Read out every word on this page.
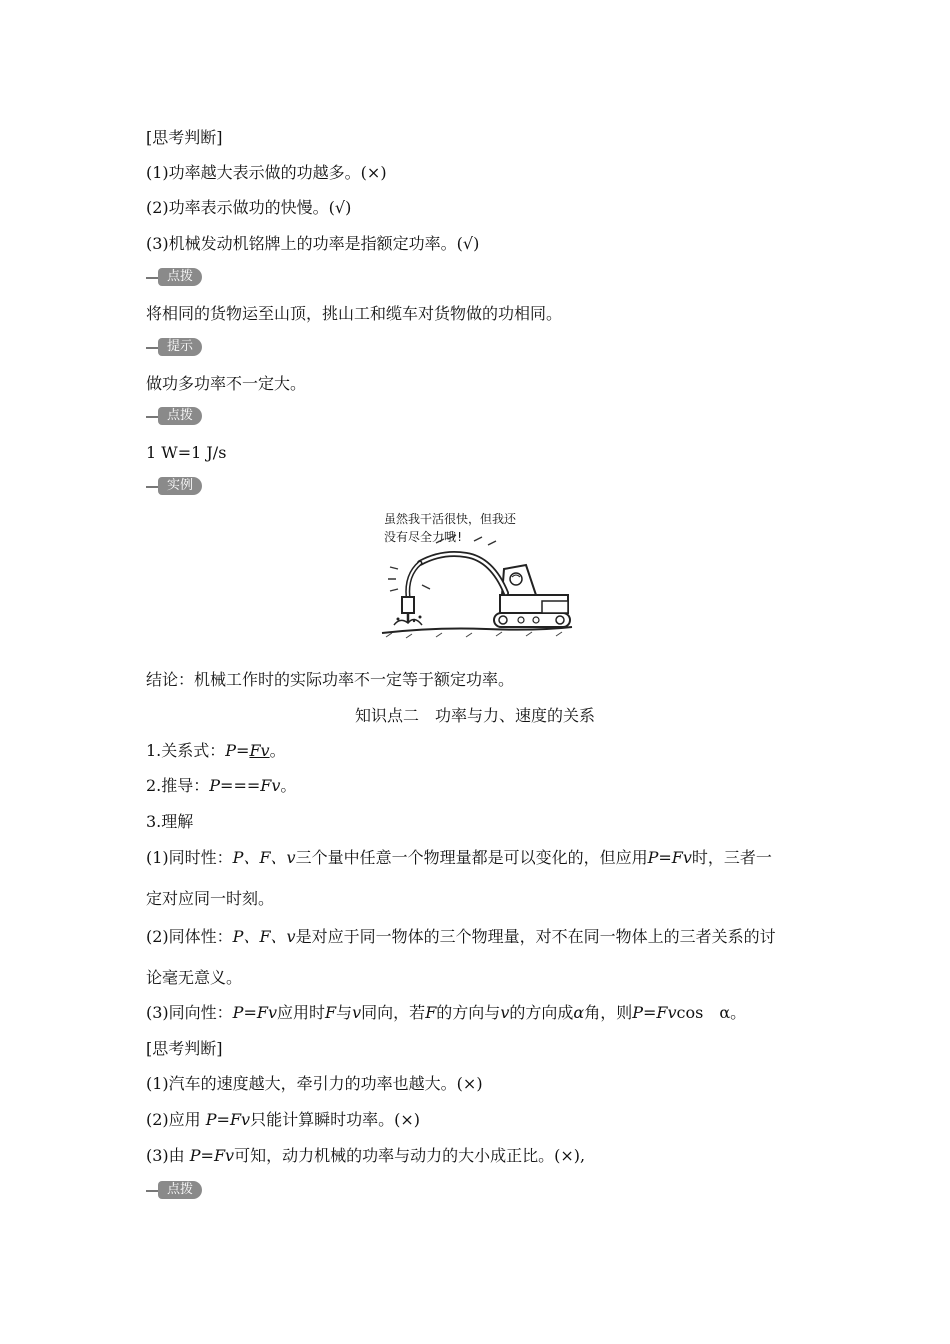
[思考判断]
(1)功率越大表示做的功越多。(×)
(2)功率表示做功的快慢。(√)
(3)机械发动机铭牌上的功率是指额定功率。(√)
点拨
将相同的货物运至山顶，挑山工和缆车对货物做的功相同。
提示
做功多功率不一定大。
点拨
1 W=1 J/s
实例
虽然我干活很快，但我还
没有尽全力哦!
结论：机械工作时的实际功率不一定等于额定功率。
知识点二　功率与力、速度的关系
1.关系式：P=Fv。
2.推导：P===Fv。
3.理解
(1)同时性：P、F、v三个量中任意一个物理量都是可以变化的，但应用P=Fv时，三者一
定对应同一时刻。
(2)同体性：P、F、v是对应于同一物体的三个物理量，对不在同一物体上的三者关系的讨
论毫无意义。
(3)同向性：P=Fv应用时F与v同向，若F的方向与v的方向成α角，则P=Fvcos　α。
[思考判断]
(1)汽车的速度越大，牵引力的功率也越大。(×)
(2)应用 P=Fv只能计算瞬时功率。(×)
(3)由 P=Fv可知，动力机械的功率与动力的大小成正比。(×),
点拨
